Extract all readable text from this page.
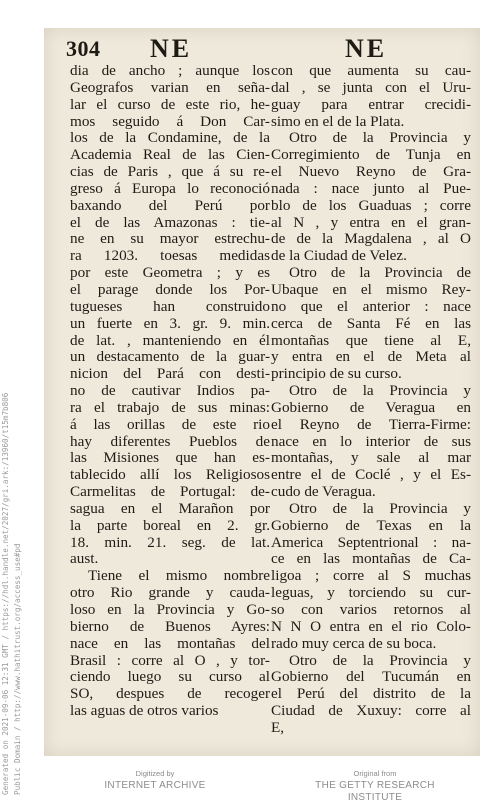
304 NE	NE
dia de ancho ; aunque los
Geografos varian en seña-
lar el curso de este rio, he-
mos seguido á Don Car-
los de la Condamine, de la
Academia Real de las Cien-
cias de Paris , que á su re-
greso á Europa lo reconoció
baxando del Perú por
el de las Amazonas : tie-
ne en su mayor estrechu-
ra 1203. toesas medidas
por este Geometra ; y es
el parage donde los Por-
tugueses han construido
un fuerte en 3. gr. 9. min.
de lat. , manteniendo en él
un destacamento de la guar-
nicion del Pará con desti-
no de cautivar Indios pa-
ra el trabajo de sus minas:
á las orillas de este rio
hay diferentes Pueblos de
las Misiones que han es-
tablecido allí los Religiosos
Carmelitas de Portugal: de-
sagua en el Marañon por
la parte boreal en 2. gr.
18. min. 21. seg. de lat.
aust.
Tiene el mismo nombre
otro Rio grande y cauda-
loso en la Provincia y Go-
bierno de Buenos Ayres:
nace en las montañas del
Brasil : corre al O , y tor-
ciendo luego su curso al
SO, despues de recoger
las aguas de otros varios
con que aumenta su cau-
dal , se junta con el Uru-
guay para entrar crecidi-
simo en el de la Plata.
Otro de la Provincia y
Corregimiento de Tunja en
el Nuevo Reyno de Gra-
nada : nace junto al Pue-
blo de los Guaduas ; corre
al N , y entra en el gran-
de de la Magdalena , al O
de la Ciudad de Velez.
Otro de la Provincia de
Ubaque en el mismo Rey-
no que el anterior : nace
cerca de Santa Fé en las
montañas que tiene al E,
y entra en el de Meta al
principio de su curso.
Otro de la Provincia y
Gobierno de Veragua en
el Reyno de Tierra-Firme:
nace en lo interior de sus
montañas, y sale al mar
entre el de Coclé , y el Es-
cudo de Veragua.
Otro de la Provincia y
Gobierno de Texas en la
America Septentrional : na-
ce en las montañas de Ca-
ligoa ; corre al S muchas
leguas, y torciendo su cur-
so con varios retornos al
N N O entra en el rio Colo-
rado muy cerca de su boca.
Otro de la Provincia y
Gobierno del Tucumán en
el Perú del distrito de la
Ciudad de Xuxuy: corre al
E,
Generated on 2021-09-06 12:31 GMT / https://hdl.handle.net/2027/gri.ark:/13960/t15m7b806 Public Domain / http://www.hathitrust.org/access_use#pd	Digitized by
INTERNET ARCHIVE
Original from
THE GETTY RESEARCH INSTITUTE
